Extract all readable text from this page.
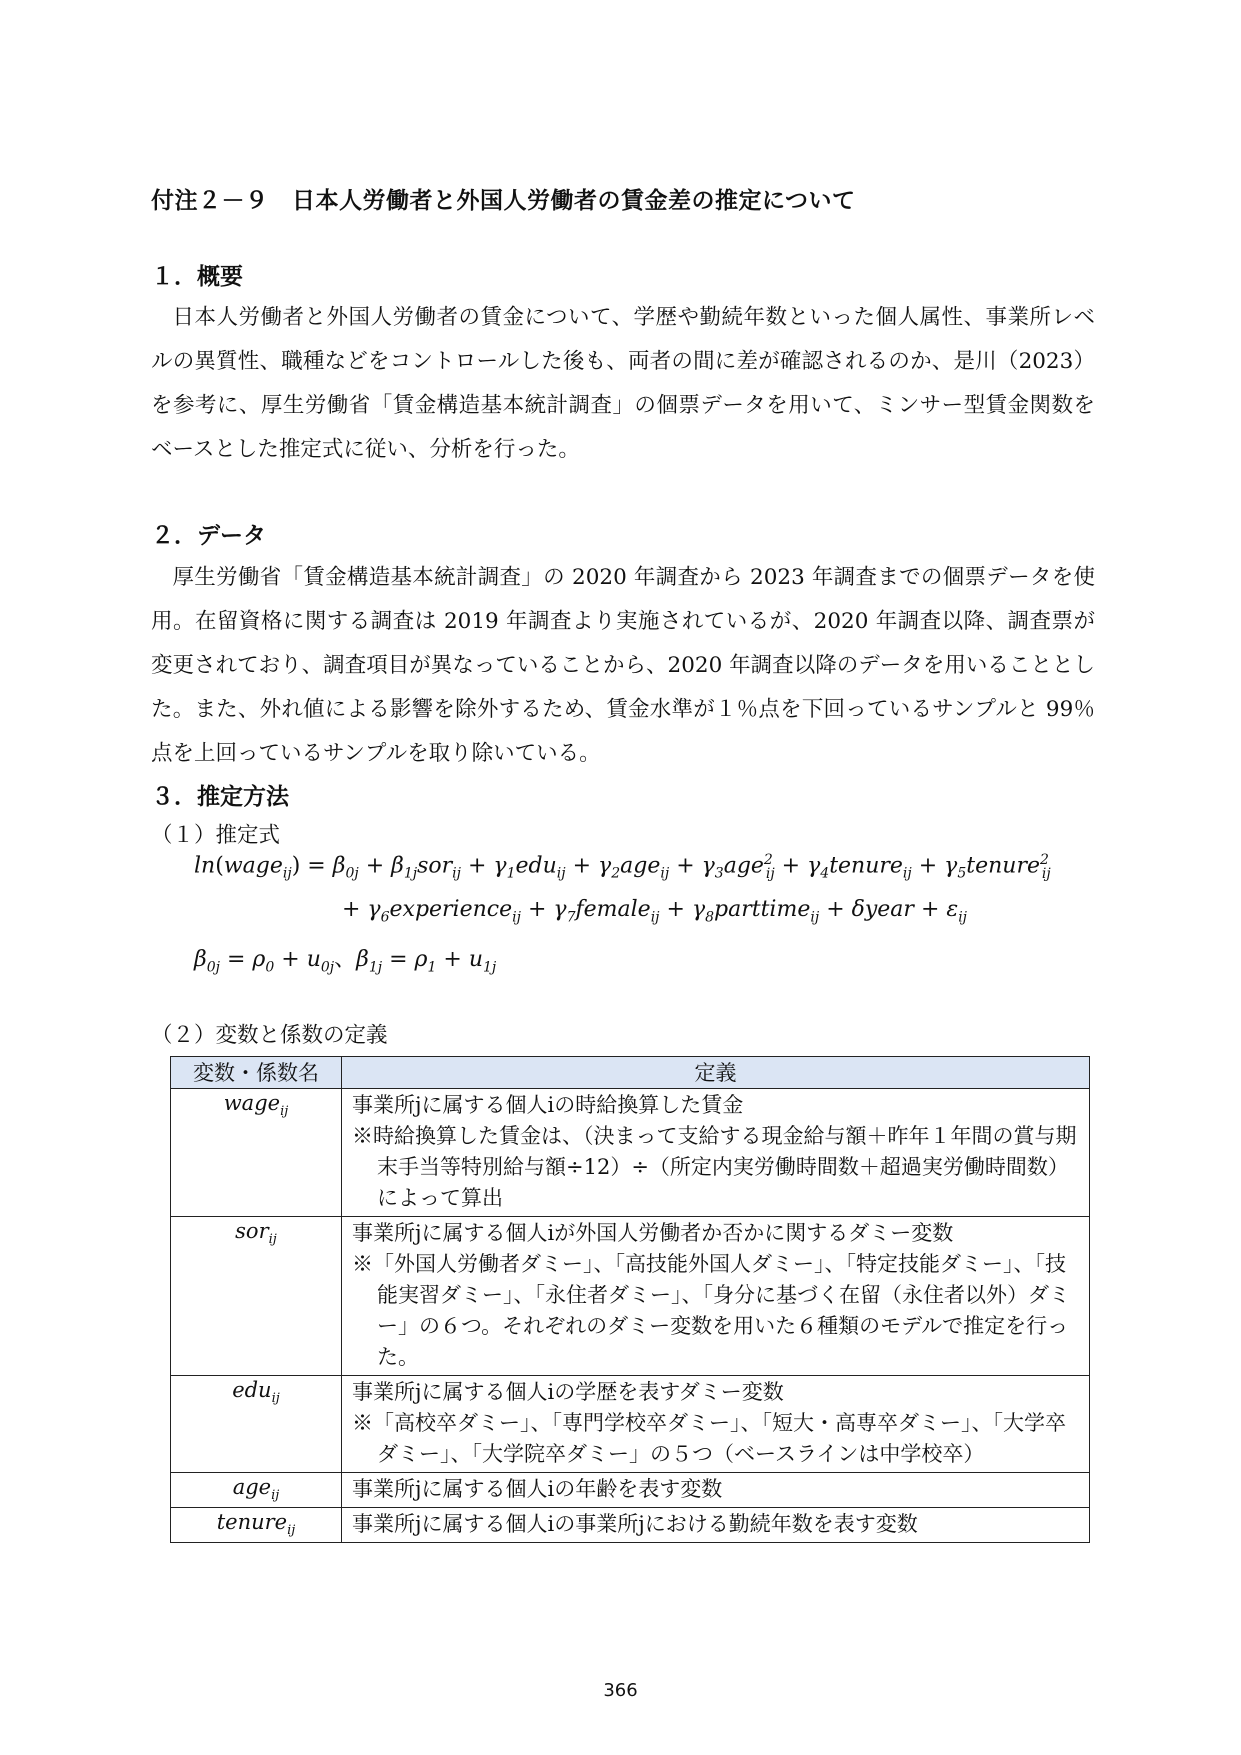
付注２－９　日本人労働者と外国人労働者の賃金差の推定について
１．概要

日本人労働者と外国人労働者の賃金について、学歴や勤続年数といった個人属性、事業所レベルの異質性、職種などをコントロールした後も、両者の間に差が確認されるのか、是川（2023）を参考に、厚生労働省「賃金構造基本統計調査」の個票データを用いて、ミンサー型賃金関数をベースとした推定式に従い、分析を行った。

２．データ

厚生労働省「賃金構造基本統計調査」の 2020 年調査から 2023 年調査までの個票データを使用。在留資格に関する調査は 2019 年調査より実施されているが、2020 年調査以降、調査票が変更されており、調査項目が異なっていることから、2020 年調査以降のデータを用いることとした。また、外れ値による影響を除外するため、賃金水準が１％点を下回っているサンプルと 99％点を上回っているサンプルを取り除いている。

３．推定方法

（１）推定式

ln(wage$_{ij}$) = $\beta_{0j} + \beta_{1j}sor_{ij} + \gamma_1edu_{ij} + \gamma_2age_{ij} + \gamma_3age^2_{ij}$ + $\gamma_4tenure_{ij}$ + $\gamma_5tenure^2_{ij}$

+ $\gamma_6experience_{ij}$ + $\gamma_7female_{ij}$ + $\gamma_8parttime_{ij}$ + δyear + $\varepsilon_{ij}$

$\beta_{0j} = \rho_0 + u_{0j}$、$\beta_{1j} = \rho_1 + u_{1j}$

（２）変数と係数の定義

変数・係数名	定義
wage$_{ij}$	事業所jに属する個人iの時給換算した賃金
※時給換算した賃金は、（決まって支給する現金給与額＋昨年１年間の賞与期末手当等特別給与額÷12）÷（所定内実労働時間数＋超過実労働時間数）によって算出

sor$_{ij}$	事業所jに属する個人iが外国人労働者か否かに関するダミー変数
※「外国人労働者ダミー」、「高技能外国人ダミー」、「特定技能ダミー」、「技能実習ダミー」、「永住者ダミー」、「身分に基づく在留（永住者以外）ダミー」の６つ。それぞれのダミー変数を用いた６種類のモデルで推定を行った。

edu$_{ij}$	事業所jに属する個人iの学歴を表すダミー変数
※「高校卒ダミー」、「専門学校卒ダミー」、「短大・高専卒ダミー」、「大学卒ダミー」、「大学院卒ダミー」の５つ（ベースラインは中学校卒）

age$_{ij}$	事業所jに属する個人iの年齢を表す変数

tenure$_{ij}$	事業所jに属する個人iの事業所jにおける勤続年数を表す変数

366
